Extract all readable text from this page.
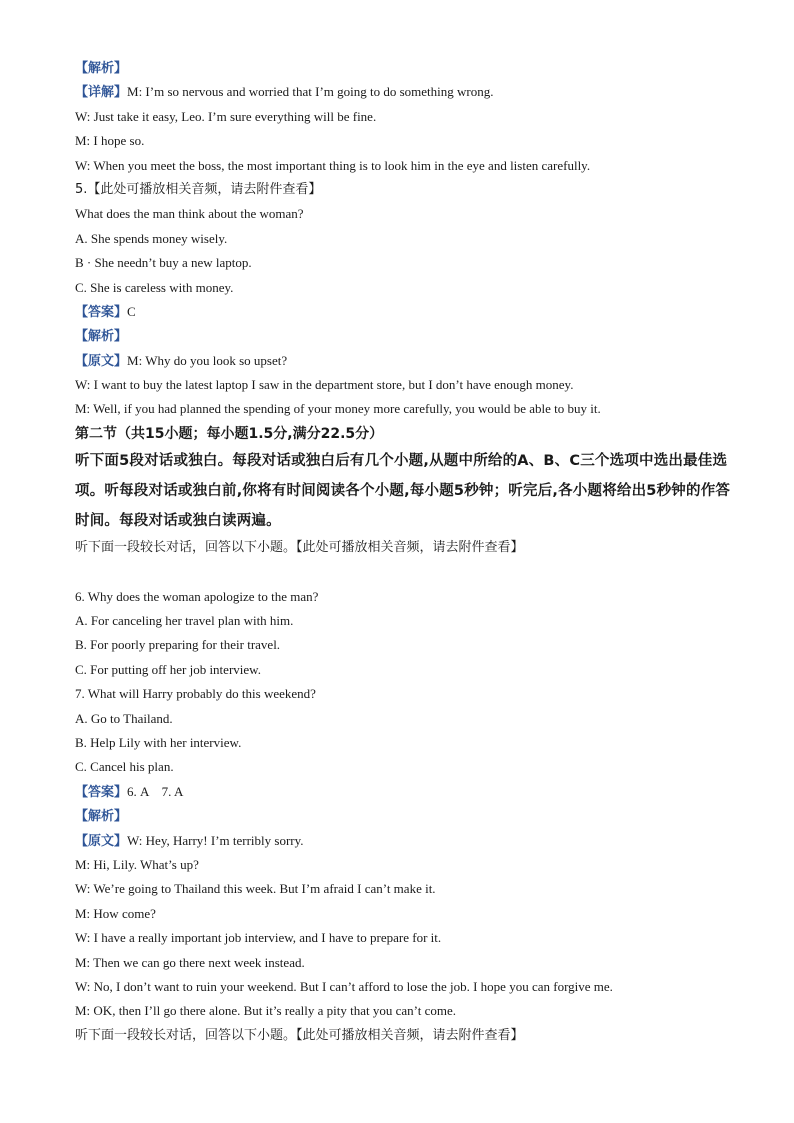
【解析】
【详解】M: I’m so nervous and worried that I’m going to do something wrong.
W: Just take it easy, Leo. I’m sure everything will be fine.
M: I hope so.
W: When you meet the boss, the most important thing is to look him in the eye and listen carefully.
5.【此处可播放相关音频，请去附件查看】
What does the man think about the woman?
A. She spends money wisely.
B · She needn’t buy a new laptop.
C. She is careless with money.
【答案】C
【解析】
【原文】M: Why do you look so upset?
W: I want to buy the latest laptop I saw in the department store, but I don’t have enough money.
M: Well, if you had planned the spending of your money more carefully, you would be able to buy it.
第二节（共15小题；每小题1.5分,满分22.5分）
听下面5段对话或独白。每段对话或独白后有几个小题,从题中所给的A、B、C三个选项中选出最佳选项。听每段对话或独白前,你将有时间阅读各个小题,每小题5秒钟；听完后,各小题将给出5秒钟的作答时间。每段对话或独白读两遍。
听下面一段较长对话，回答以下小题。【此处可播放相关音频，请去附件查看】
6. Why does the woman apologize to the man?
A. For canceling her travel plan with him.
B. For poorly preparing for their travel.
C. For putting off her job interview.
7. What will Harry probably do this weekend?
A. Go to Thailand.
B. Help Lily with her interview.
C. Cancel his plan.
【答案】6. A    7. A
【解析】
【原文】W: Hey, Harry! I’m terribly sorry.
M: Hi, Lily. What’s up?
W: We’re going to Thailand this week. But I’m afraid I can’t make it.
M: How come?
W: I have a really important job interview, and I have to prepare for it.
M: Then we can go there next week instead.
W: No, I don’t want to ruin your weekend. But I can’t afford to lose the job. I hope you can forgive me.
M: OK, then I’ll go there alone. But it’s really a pity that you can’t come.
听下面一段较长对话，回答以下小题。【此处可播放相关音频，请去附件查看】
